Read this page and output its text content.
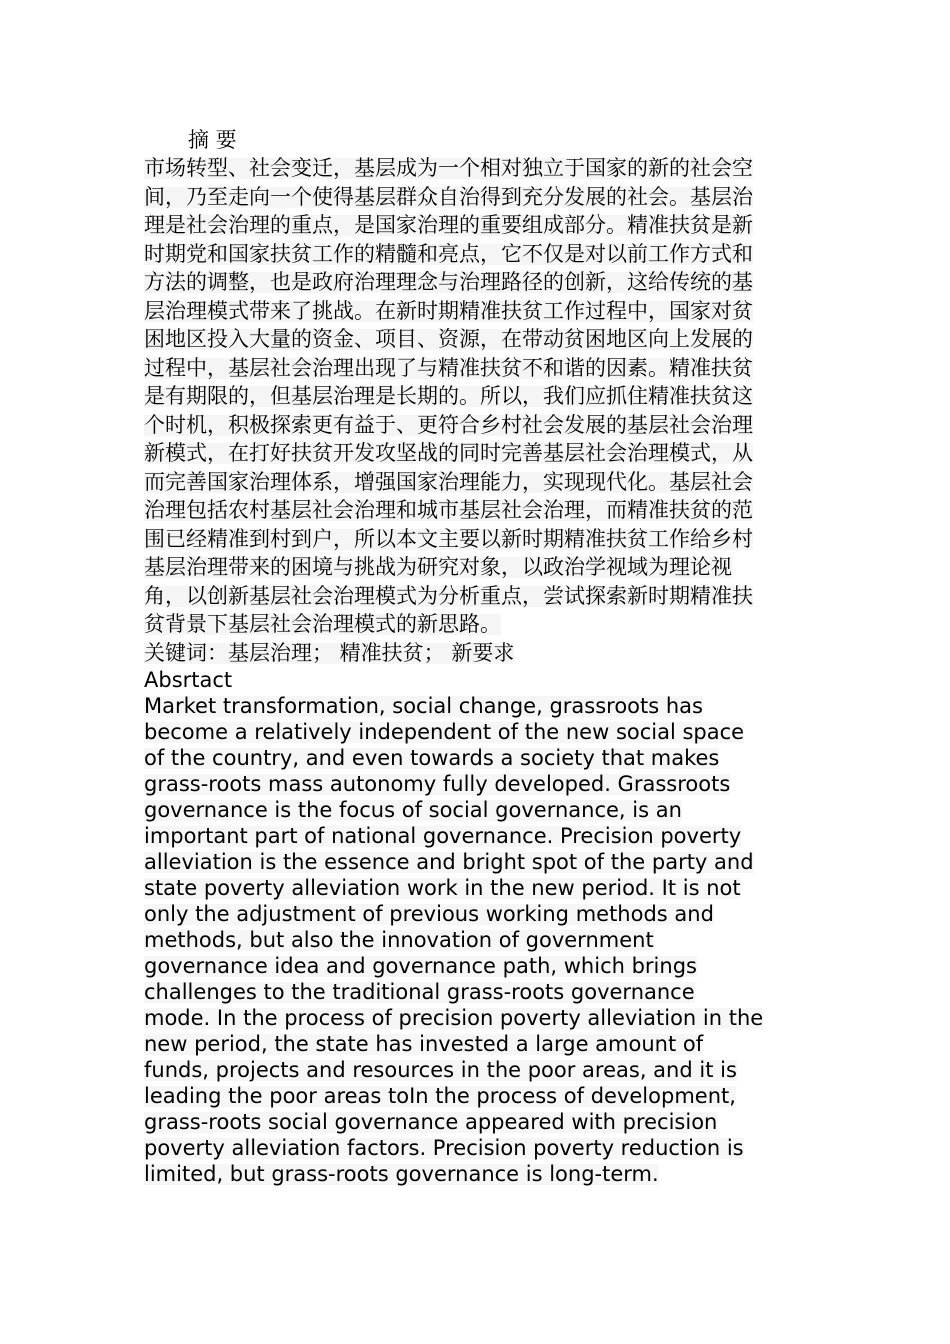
摘 要
市场转型、社会变迁，基层成为一个相对独立于国家的新的社会空
间，乃至走向一个使得基层群众自治得到充分发展的社会。基层治
理是社会治理的重点，是国家治理的重要组成部分。精准扶贫是新
时期党和国家扶贫工作的精髓和亮点，它不仅是对以前工作方式和
方法的调整，也是政府治理理念与治理路径的创新，这给传统的基
层治理模式带来了挑战。在新时期精准扶贫工作过程中，国家对贫
困地区投入大量的资金、项目、资源，在带动贫困地区向上发展的
过程中，基层社会治理出现了与精准扶贫不和谐的因素。精准扶贫
是有期限的，但基层治理是长期的。所以，我们应抓住精准扶贫这
个时机，积极探索更有益于、更符合乡村社会发展的基层社会治理
新模式，在打好扶贫开发攻坚战的同时完善基层社会治理模式，从
而完善国家治理体系，增强国家治理能力，实现现代化。基层社会
治理包括农村基层社会治理和城市基层社会治理，而精准扶贫的范
围已经精准到村到户，所以本文主要以新时期精准扶贫工作给乡村
基层治理带来的困境与挑战为研究对象，以政治学视域为理论视
角，以创新基层社会治理模式为分析重点，尝试探索新时期精准扶
贫背景下基层社会治理模式的新思路。
关键词：基层治理； 精准扶贫； 新要求
Absrtact
Market transformation, social change, grassroots has
become a relatively independent of the new social space
of the country, and even towards a society that makes
grass-roots mass autonomy fully developed. Grassroots
governance is the focus of social governance, is an
important part of national governance. Precision poverty
alleviation is the essence and bright spot of the party and
state poverty alleviation work in the new period. It is not
only the adjustment of previous working methods and
methods, but also the innovation of government
governance idea and governance path, which brings
challenges to the traditional grass-roots governance
mode. In the process of precision poverty alleviation in the
new period, the state has invested a large amount of
funds, projects and resources in the poor areas, and it is
leading the poor areas toIn the process of development,
grass-roots social governance appeared with precision
poverty alleviation factors. Precision poverty reduction is
limited, but grass-roots governance is long-term.
